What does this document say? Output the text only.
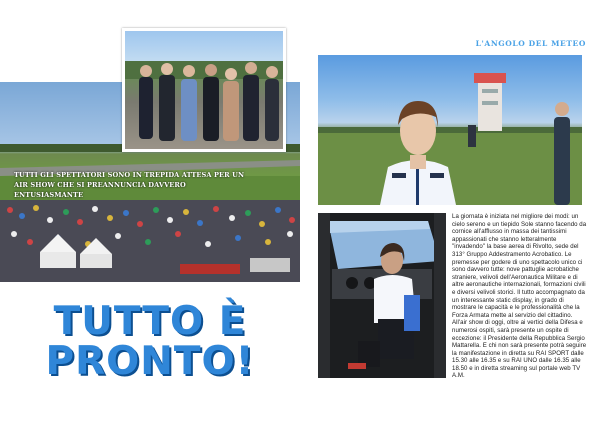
TUTTI GLI SPETTATORI SONO IN TREPIDA ATTESA PER UN AIR SHOW CHE SI PREANNUNCIA DAVVERO ENTUSIASMANTE
TUTTO È
PRONTO!
L'ANGOLO DEL METEO

La giornata è iniziata nel migliore dei modi: un cielo sereno e un tiepido Sole stanno facendo da cornice all'afflusso in massa dei tantissimi appassionati che stanno letteralmente "invadendo" la base aerea di Rivolto, sede del 313° Gruppo Addestramento Acrobatico. Le premesse per godere di uno spettacolo unico ci sono davvero tutte: nove pattuglie acrobatiche straniere, velivoli dell'Aeronautica Militare e di altre aeronautiche internazionali, formazioni civili e diversi velivoli storici. Il tutto accompagnato da un interessante static display, in grado di mostrare le capacità e le professionalità che la Forza Armata mette al servizio del cittadino.

All'air show di oggi, oltre ai vertici della Difesa e numerosi ospiti, sarà presente un ospite di eccezione: il Presidente della Repubblica Sergio Mattarella. E chi non sarà presente potrà seguire la manifestazione in diretta su RAI SPORT dalle 15.30 alle 16.35 e su RAI UNO dalle 16.35 alle 18.50 e in diretta streaming sul portale web TV A.M.
